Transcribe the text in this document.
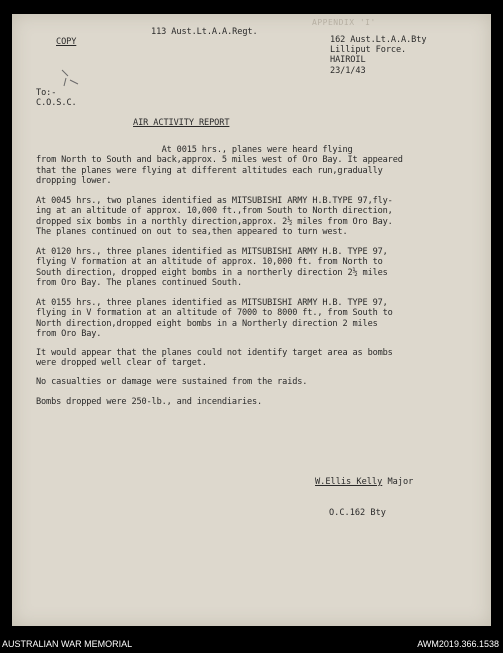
APPENDIX 'I'
113 Aust.Lt.A.A.Regt.
COPY	162 Aust.Lt.A.A.Bty
Lilliput Force.
HAIROIL
23/1/43
To:-
C.O.S.C.
AIR ACTIVITY REPORT
At 0015 hrs., planes were heard flying
from North to South and back,approx. 5 miles west of Oro Bay. It appeared
that the planes were flying at different altitudes each run,gradually
dropping lower.
At 0045 hrs., two planes identified as MITSUBISHI ARMY H.B.TYPE 97,fly-
ing at an altitude of approx. 10,000 ft.,from South to North direction,
dropped six bombs in a northly direction,approx. 2½ miles from Oro Bay.
The planes continued on out to sea,then appeared to turn west.
At 0120 hrs., three planes identified as MITSUBISHI ARMY H.B. TYPE 97,
flying V formation at an altitude of approx. 10,000 ft. from North to
South direction, dropped eight bombs in a northerly direction 2½ miles
from Oro Bay. The planes continued South.
At 0155 hrs., three planes identified as MITSUBISHI ARMY H.B. TYPE 97,
flying in V formation at an altitude of 7000 to 8000 ft., from South to
North direction,dropped eight bombs in a Northerly direction 2 miles
from Oro Bay.
It would appear that the planes could not identify target area as bombs
were dropped well clear of target.
No casualties or damage were sustained from the raids.
Bombs dropped were 250-lb., and incendiaries.

W.Ellis Kelly Major

O.C.162 Bty

AUSTRALIAN WAR MEMORIAL	AWM2019.366.1538
